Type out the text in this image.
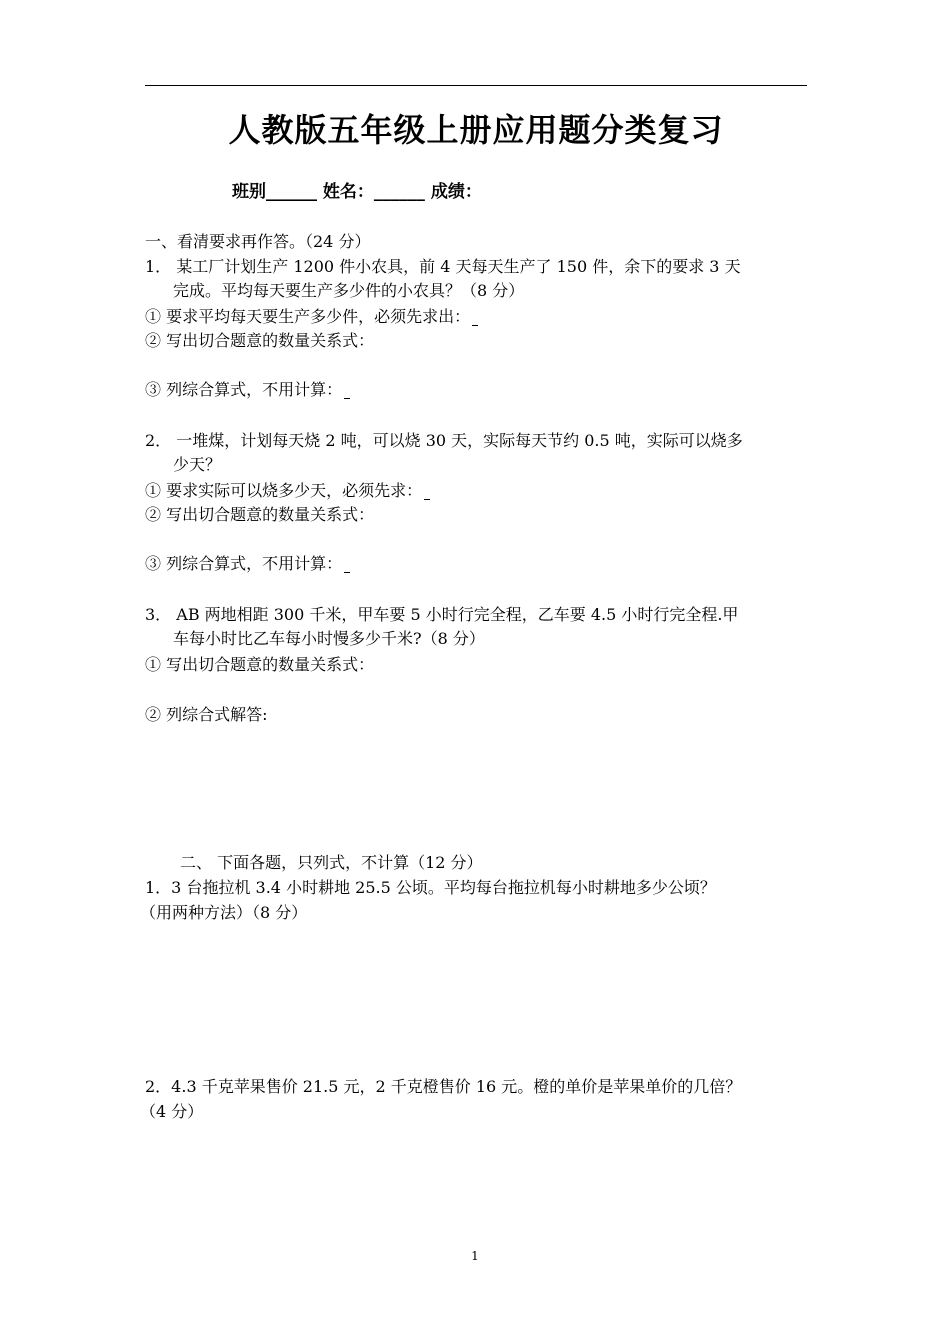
人教版五年级上册应用题分类复习
班别______ 姓名：______ 成绩：
一、看清要求再作答。（24 分）
1． 某工厂计划生产 1200 件小农具，前 4 天每天生产了 150 件，余下的要求 3 天
完成。平均每天要生产多少件的小农具？（8 分）
① 要求平均每天要生产多少件，必须先求出：
② 写出切合题意的数量关系式：
③ 列综合算式，不用计算：
2． 一堆煤，计划每天烧 2 吨，可以烧 30 天，实际每天节约 0.5 吨，实际可以烧多
少天？
① 要求实际可以烧多少天，必须先求：
② 写出切合题意的数量关系式：
③ 列综合算式，不用计算：
3． AB 两地相距 300 千米，甲车要 5 小时行完全程，乙车要 4.5 小时行完全程.甲
车每小时比乙车每小时慢多少千米?（8 分）
① 写出切合题意的数量关系式：
② 列综合式解答:
二、 下面各题，只列式，不计算（12 分）
1．3 台拖拉机 3.4 小时耕地 25.5 公顷。平均每台拖拉机每小时耕地多少公顷？
（用两种方法）（8 分）
2．4.3 千克苹果售价 21.5 元，2 千克橙售价 16 元。橙的单价是苹果单价的几倍？
（4 分）
1
